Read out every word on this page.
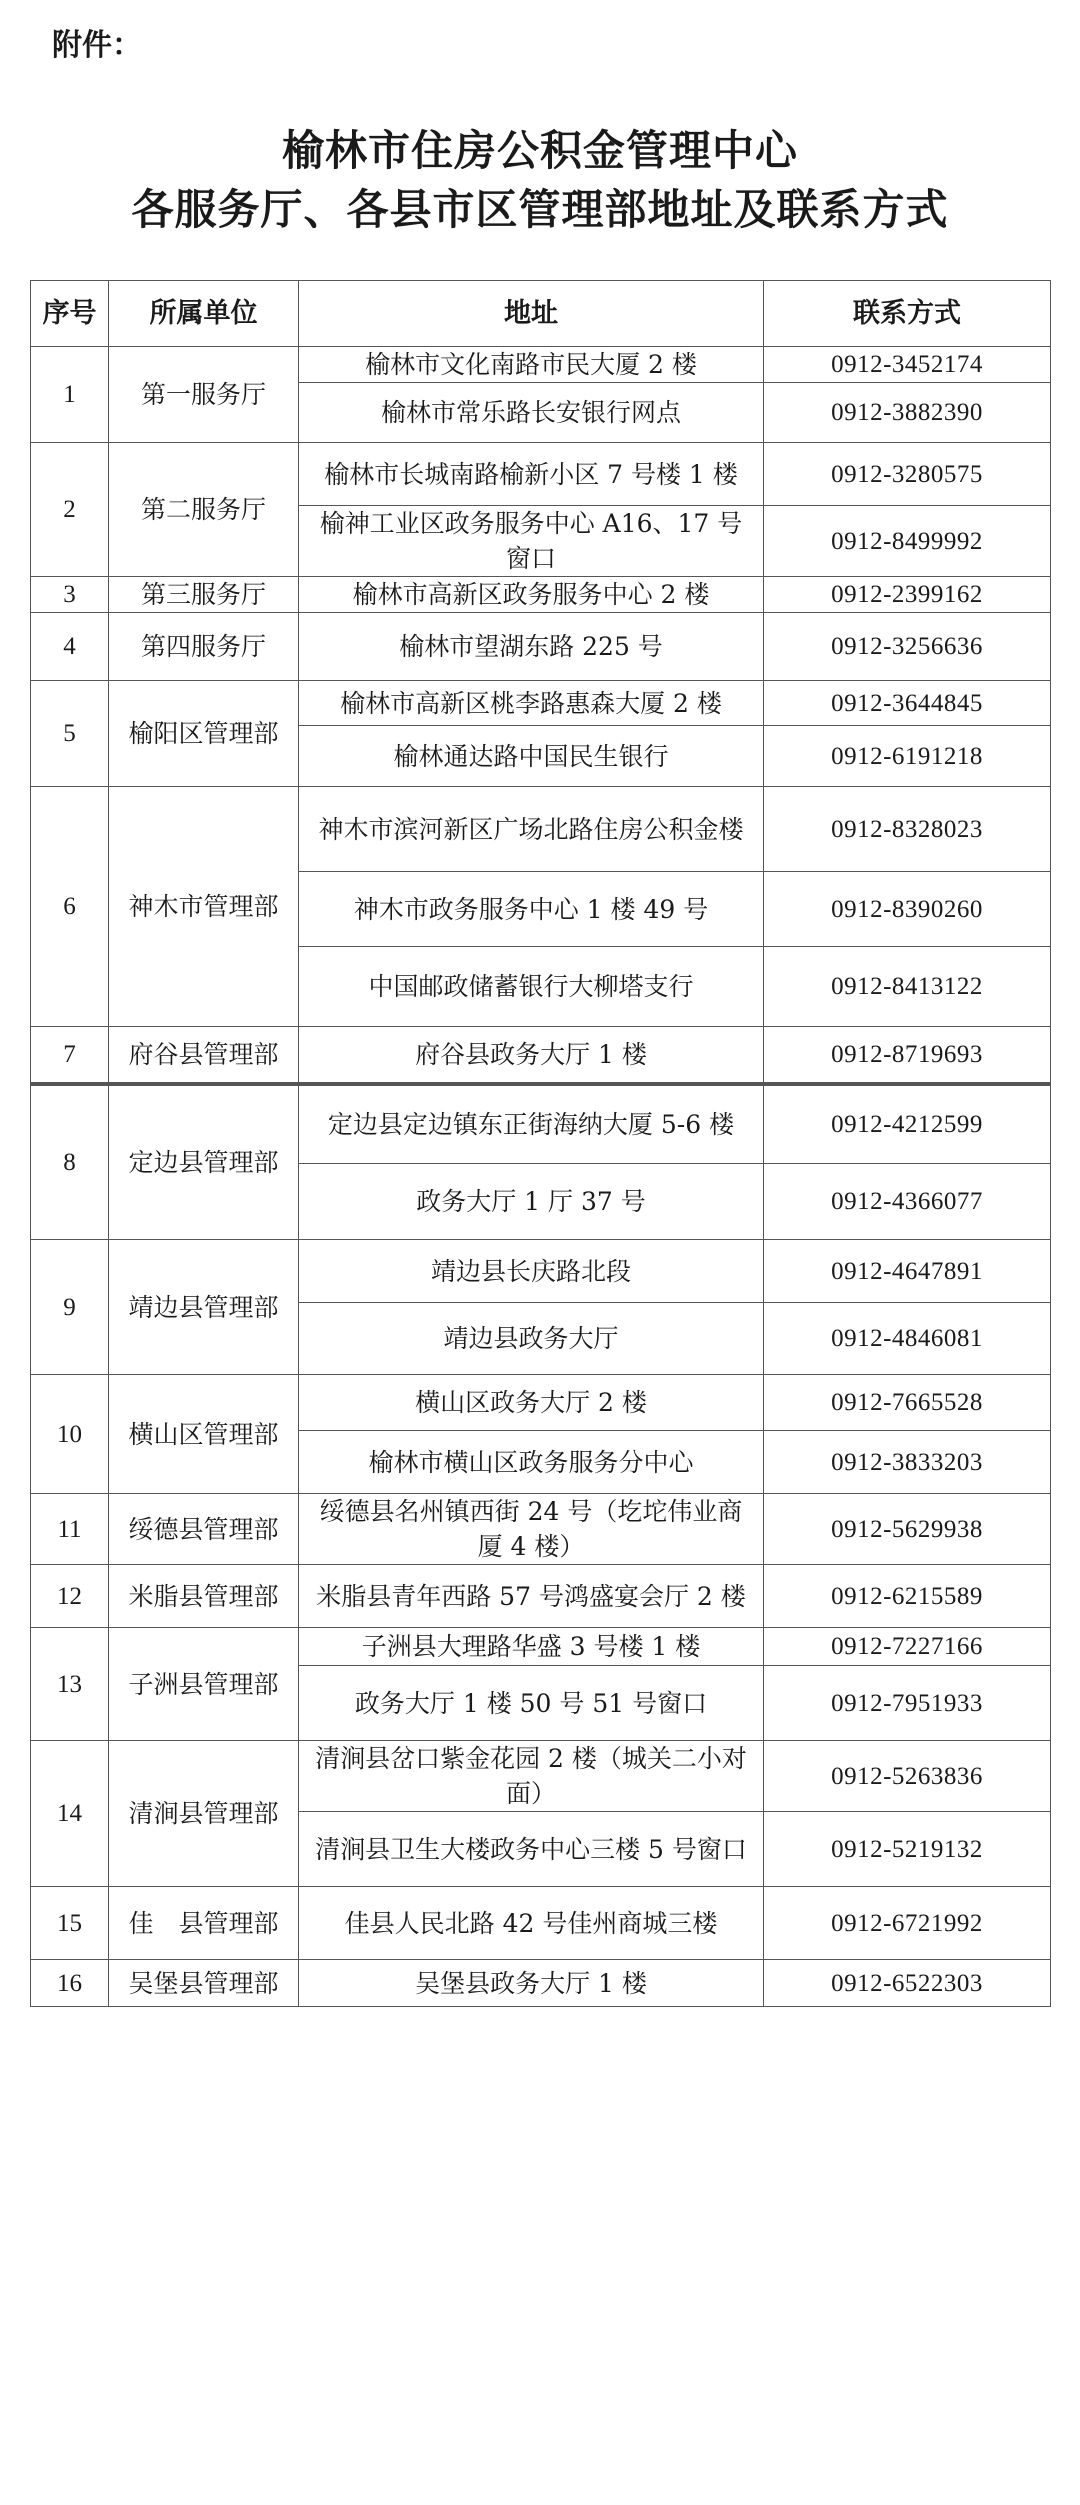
附件：
榆林市住房公积金管理中心
各服务厅、各县市区管理部地址及联系方式
序号	所属单位	地址	联系方式
1	第一服务厅	榆林市文化南路市民大厦 2 楼	0912-3452174
		榆林市常乐路长安银行网点	0912-3882390
2	第二服务厅	榆林市长城南路榆新小区 7 号楼 1 楼	0912-3280575
		榆神工业区政务服务中心 A16、17 号窗口	0912-8499992
3	第三服务厅	榆林市高新区政务服务中心 2 楼	0912-2399162
4	第四服务厅	榆林市望湖东路 225 号	0912-3256636
5	榆阳区管理部	榆林市高新区桃李路惠森大厦 2 楼	0912-3644845
		榆林通达路中国民生银行	0912-6191218
6	神木市管理部	神木市滨河新区广场北路住房公积金楼	0912-8328023
		神木市政务服务中心 1 楼 49 号	0912-8390260
		中国邮政储蓄银行大柳塔支行	0912-8413122
7	府谷县管理部	府谷县政务大厅 1 楼	0912-8719693
8	定边县管理部	定边县定边镇东正街海纳大厦 5-6 楼	0912-4212599
		政务大厅 1 厅 37 号	0912-4366077
9	靖边县管理部	靖边县长庆路北段	0912-4647891
		靖边县政务大厅	0912-4846081
10	横山区管理部	横山区政务大厅 2 楼	0912-7665528
		榆林市横山区政务服务分中心	0912-3833203
11	绥德县管理部	绥德县名州镇西街 24 号（圪坨伟业商厦 4 楼）	0912-5629938
12	米脂县管理部	米脂县青年西路 57 号鸿盛宴会厅 2 楼	0912-6215589
13	子洲县管理部	子洲县大理路华盛 3 号楼 1 楼	0912-7227166
		政务大厅 1 楼 50 号 51 号窗口	0912-7951933
14	清涧县管理部	清涧县岔口紫金花园 2 楼（城关二小对面）	0912-5263836
		清涧县卫生大楼政务中心三楼 5 号窗口	0912-5219132
15	佳　县管理部	佳县人民北路 42 号佳州商城三楼	0912-6721992
16	吴堡县管理部	吴堡县政务大厅 1 楼	0912-6522303
